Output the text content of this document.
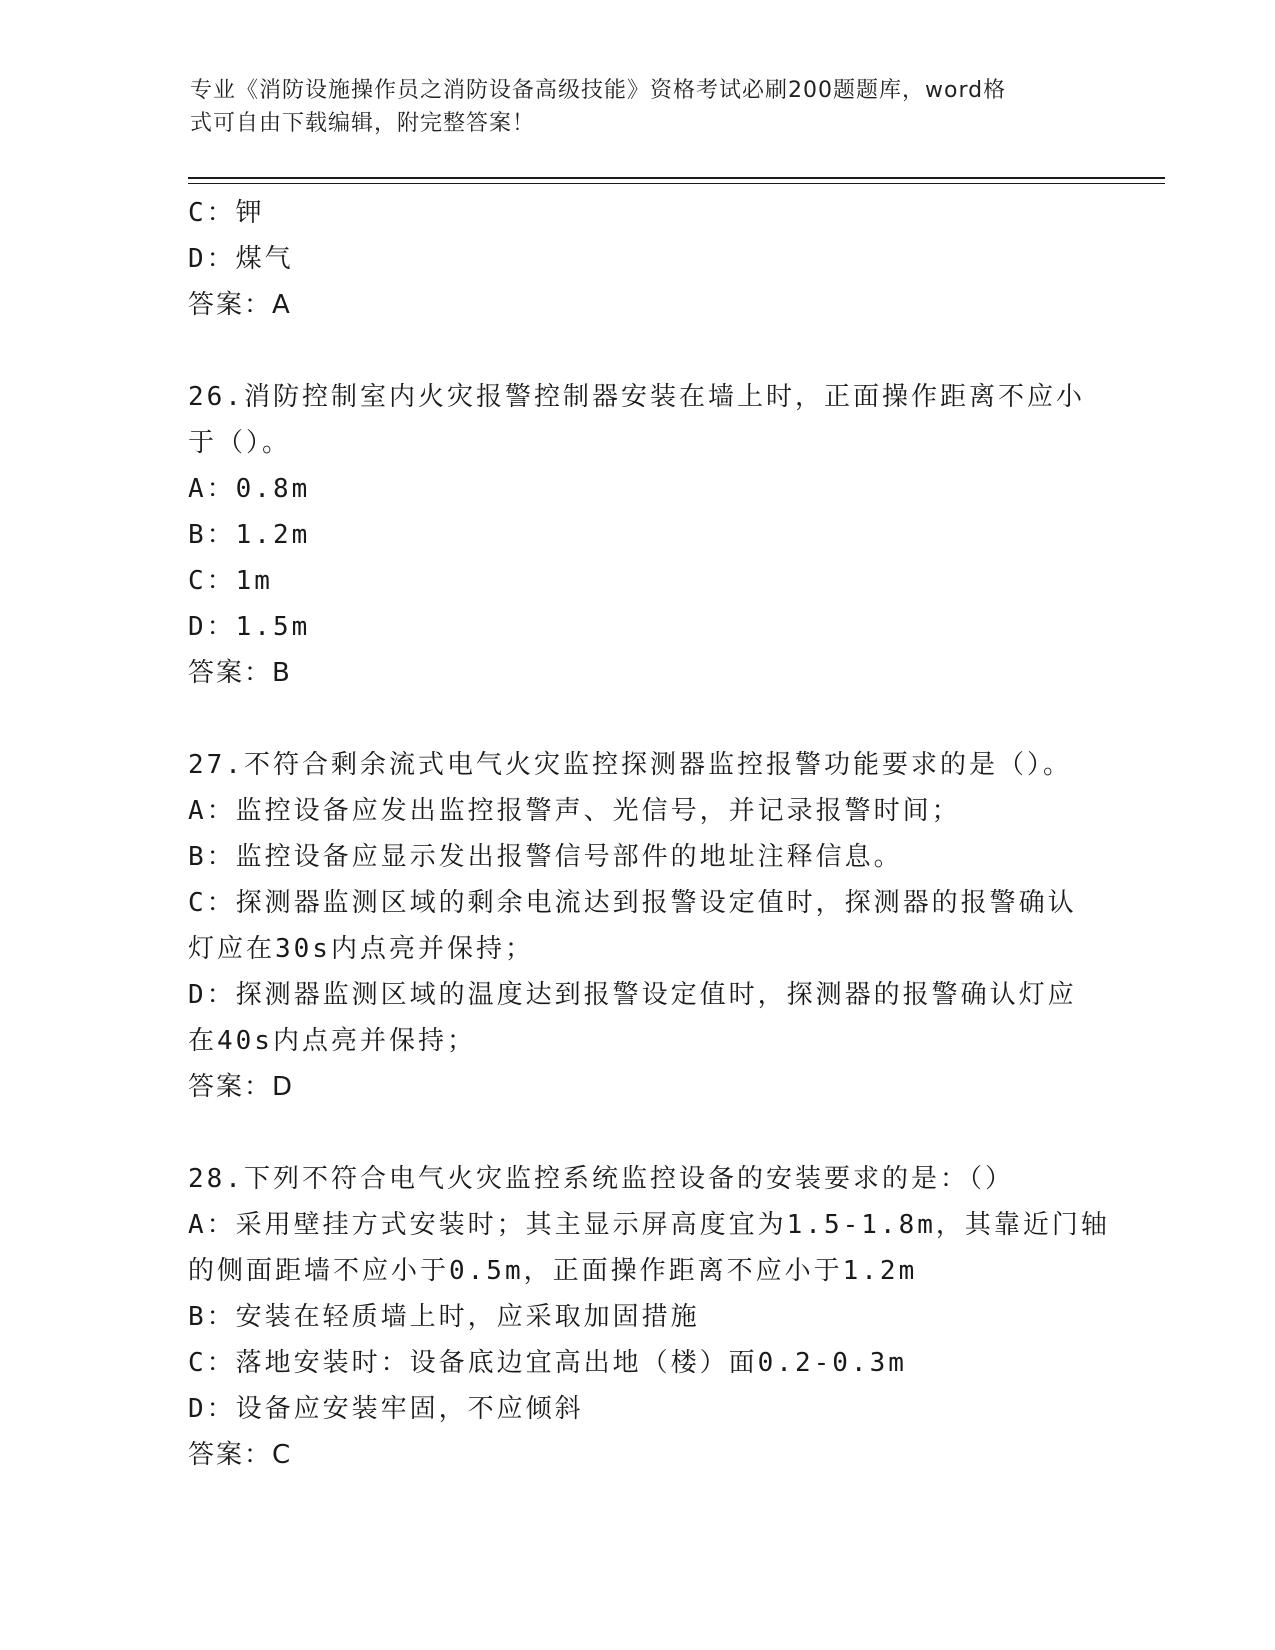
专业《消防设施操作员之消防设备高级技能》资格考试必刷200题题库，word格
式可自由下载编辑，附完整答案！
C：钾
D：煤气
答案：A
26.消防控制室内火灾报警控制器安装在墙上时，正面操作距离不应小
于（）。
A：0.8m
B：1.2m
C：1m
D：1.5m
答案：B
27.不符合剩余流式电气火灾监控探测器监控报警功能要求的是（）。
A：监控设备应发出监控报警声、光信号，并记录报警时间；
B：监控设备应显示发出报警信号部件的地址注释信息。
C：探测器监测区域的剩余电流达到报警设定值时，探测器的报警确认
灯应在30s内点亮并保持；
D：探测器监测区域的温度达到报警设定值时，探测器的报警确认灯应
在40s内点亮并保持；
答案：D
28.下列不符合电气火灾监控系统监控设备的安装要求的是：（）
A：采用壁挂方式安装时；其主显示屏高度宜为1.5-1.8m，其靠近门轴
的侧面距墙不应小于0.5m，正面操作距离不应小于1.2m
B：安装在轻质墙上时，应采取加固措施
C：落地安装时：设备底边宜高出地（楼）面0.2-0.3m
D：设备应安装牢固，不应倾斜
答案：C
